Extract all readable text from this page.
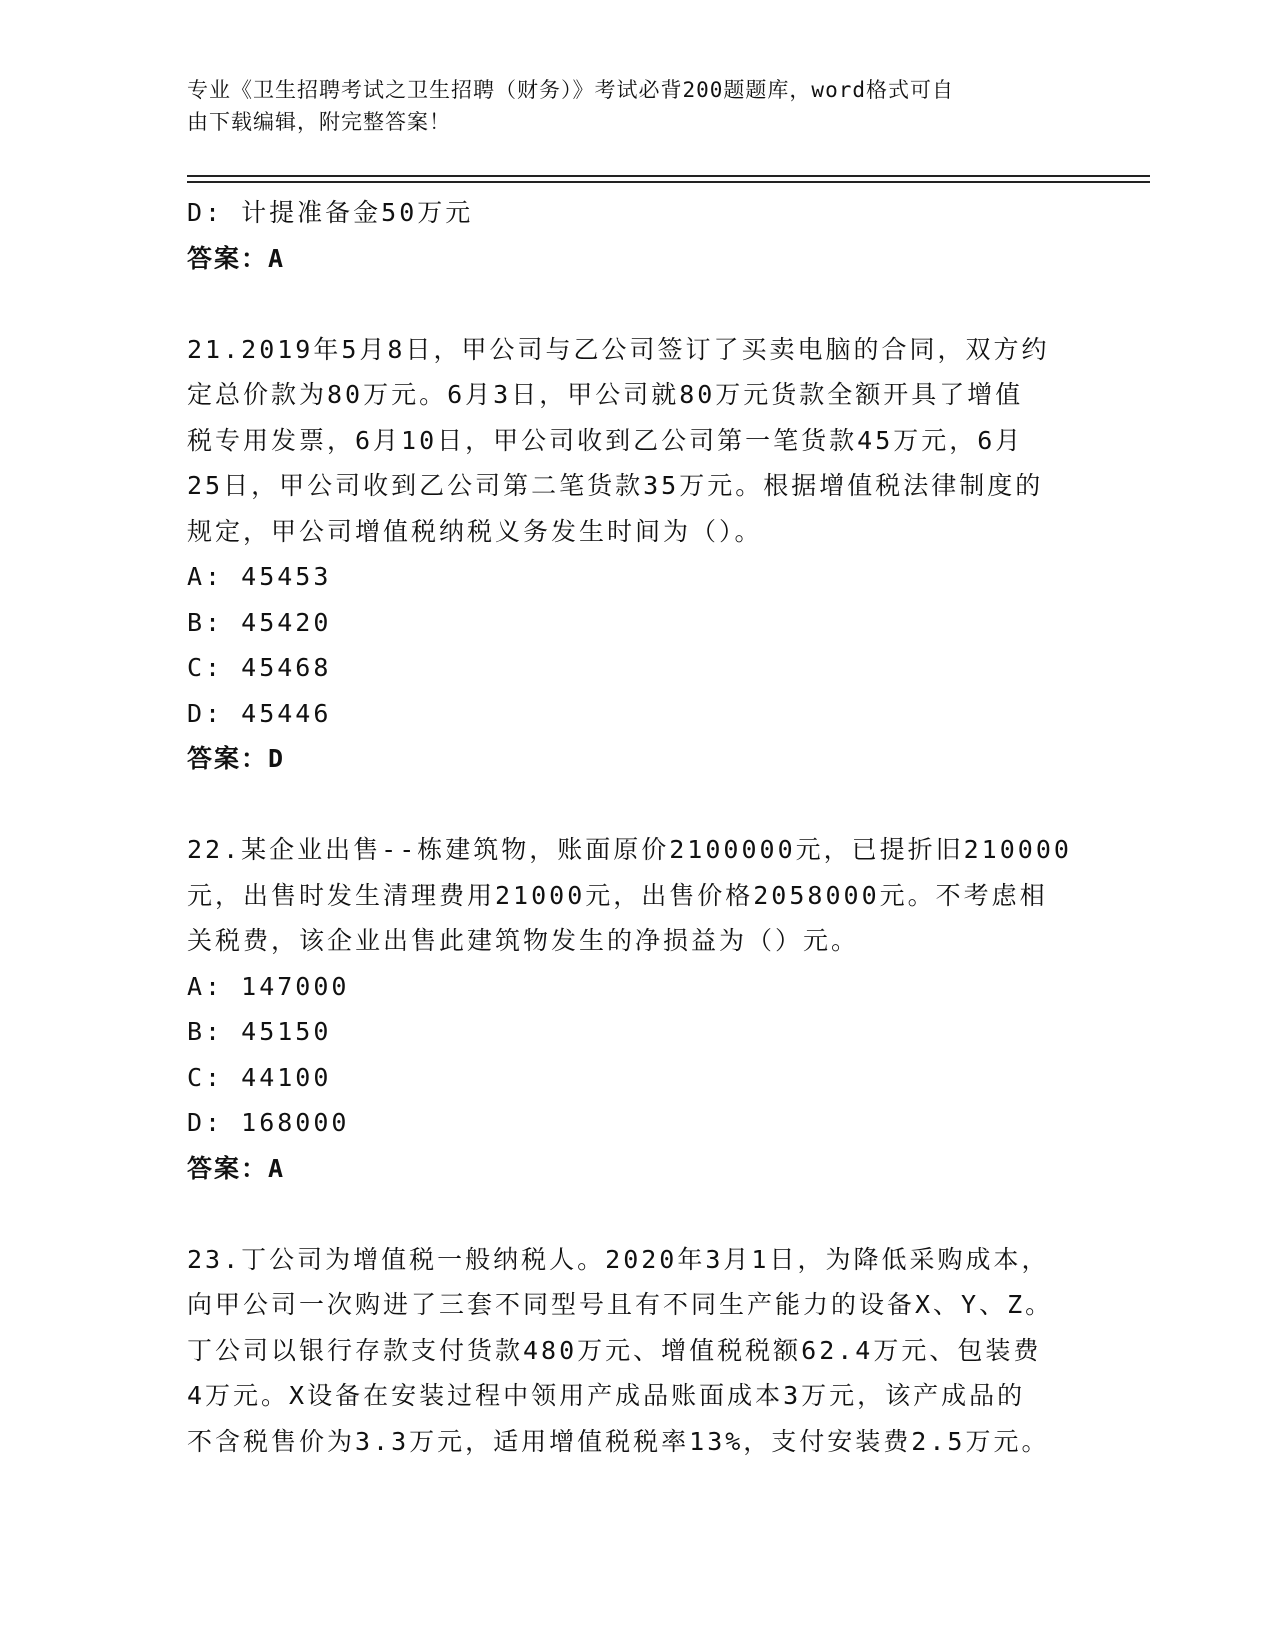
专业《卫生招聘考试之卫生招聘（财务）》考试必背200题题库，word格式可自
由下载编辑，附完整答案！
D: 计提准备金50万元
答案：A
21.2019年5月8日，甲公司与乙公司签订了买卖电脑的合同，双方约
定总价款为80万元。6月3日，甲公司就80万元货款全额开具了增值
税专用发票，6月10日，甲公司收到乙公司第一笔货款45万元，6月
25日，甲公司收到乙公司第二笔货款35万元。根据增值税法律制度的
规定，甲公司增值税纳税义务发生时间为（）。
A: 45453
B: 45420
C: 45468
D: 45446
答案：D
22.某企业出售--栋建筑物，账面原价2100000元，已提折旧210000
元，出售时发生清理费用21000元，出售价格2058000元。不考虑相
关税费，该企业出售此建筑物发生的净损益为（）元。
A: 147000
B: 45150
C: 44100
D: 168000
答案：A
23.丁公司为增值税一般纳税人。2020年3月1日，为降低采购成本，
向甲公司一次购进了三套不同型号且有不同生产能力的设备X、Y、Z。
丁公司以银行存款支付货款480万元、增值税税额62.4万元、包装费
4万元。X设备在安装过程中领用产成品账面成本3万元，该产成品的
不含税售价为3.3万元，适用增值税税率13%，支付安装费2.5万元。
